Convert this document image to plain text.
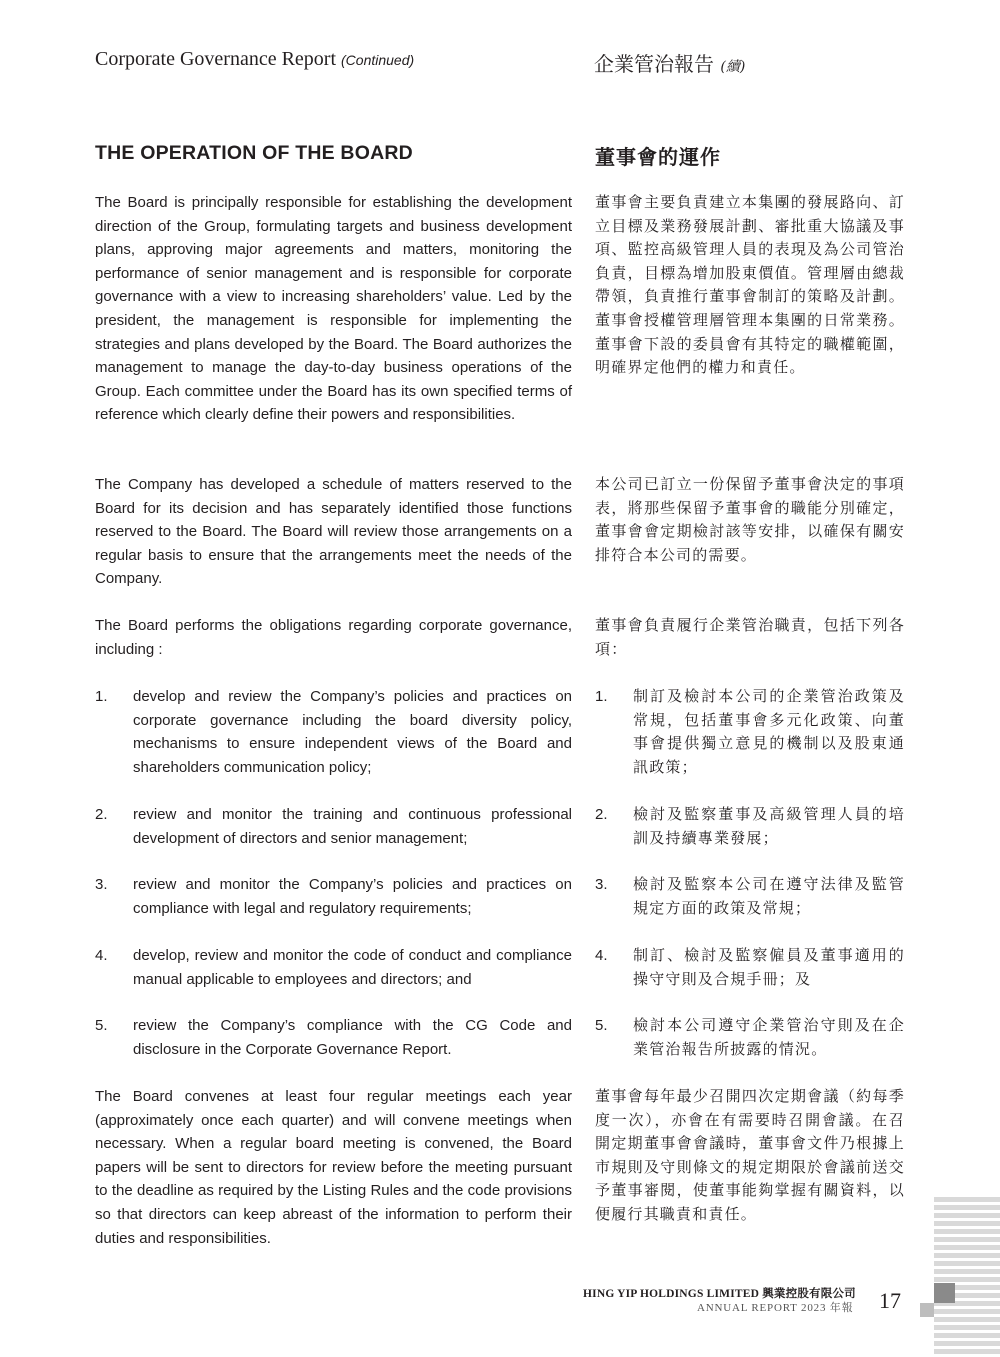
Corporate Governance Report (Continued)	企業管治報告 (續)
THE OPERATION OF THE BOARD	董事會的運作

The Board is principally responsible for establishing the development direction of the Group, formulating targets and business development plans, approving major agreements and matters, monitoring the performance of senior management and is responsible for corporate governance with a view to increasing shareholders’ value. Led by the president, the management is responsible for implementing the strategies and plans developed by the Board. The Board authorizes the management to manage the day-to-day business operations of the Group. Each committee under the Board has its own specified terms of reference which clearly define their powers and responsibilities.

董事會主要負責建立本集團的發展路向、訂立目標及業務發展計劃、審批重大協議及事項、監控高級管理人員的表現及為公司管治負責，目標為增加股東價值。管理層由總裁帶領，負責推行董事會制訂的策略及計劃。董事會授權管理層管理本集團的日常業務。董事會下設的委員會有其特定的職權範圍，明確界定他們的權力和責任。

The Company has developed a schedule of matters reserved to the Board for its decision and has separately identified those functions reserved to the Board. The Board will review those arrangements on a regular basis to ensure that the arrangements meet the needs of the Company.

本公司已訂立一份保留予董事會決定的事項表，將那些保留予董事會的職能分別確定，董事會會定期檢討該等安排，以確保有關安排符合本公司的需要。

The Board performs the obligations regarding corporate governance, including :

董事會負責履行企業管治職責，包括下列各項：

1. develop and review the Company’s policies and practices on corporate governance including the board diversity policy, mechanisms to ensure independent views of the Board and shareholders communication policy;

2. review and monitor the training and continuous professional development of directors and senior management;

3. review and monitor the Company’s policies and practices on compliance with legal and regulatory requirements;

4. develop, review and monitor the code of conduct and compliance manual applicable to employees and directors; and

5. review the Company’s compliance with the CG Code and disclosure in the Corporate Governance Report.

1. 制訂及檢討本公司的企業管治政策及常規，包括董事會多元化政策、向董事會提供獨立意見的機制以及股東通訊政策；

2. 檢討及監察董事及高級管理人員的培訓及持續專業發展；

3. 檢討及監察本公司在遵守法律及監管規定方面的政策及常規；

4. 制訂、檢討及監察僱員及董事適用的操守守則及合規手冊；及

5. 檢討本公司遵守企業管治守則及在企業管治報告所披露的情況。

The Board convenes at least four regular meetings each year (approximately once each quarter) and will convene meetings when necessary. When a regular board meeting is convened, the Board papers will be sent to directors for review before the meeting pursuant to the deadline as required by the Listing Rules and the code provisions so that directors can keep abreast of the information to perform their duties and responsibilities.

董事會每年最少召開四次定期會議（約每季度一次），亦會在有需要時召開會議。在召開定期董事會會議時，董事會文件乃根據上市規則及守則條文的規定期限於會議前送交予董事審閱，使董事能夠掌握有關資料，以便履行其職責和責任。

HING YIP HOLDINGS LIMITED 興業控股有限公司
ANNUAL REPORT 2023 年報 17
